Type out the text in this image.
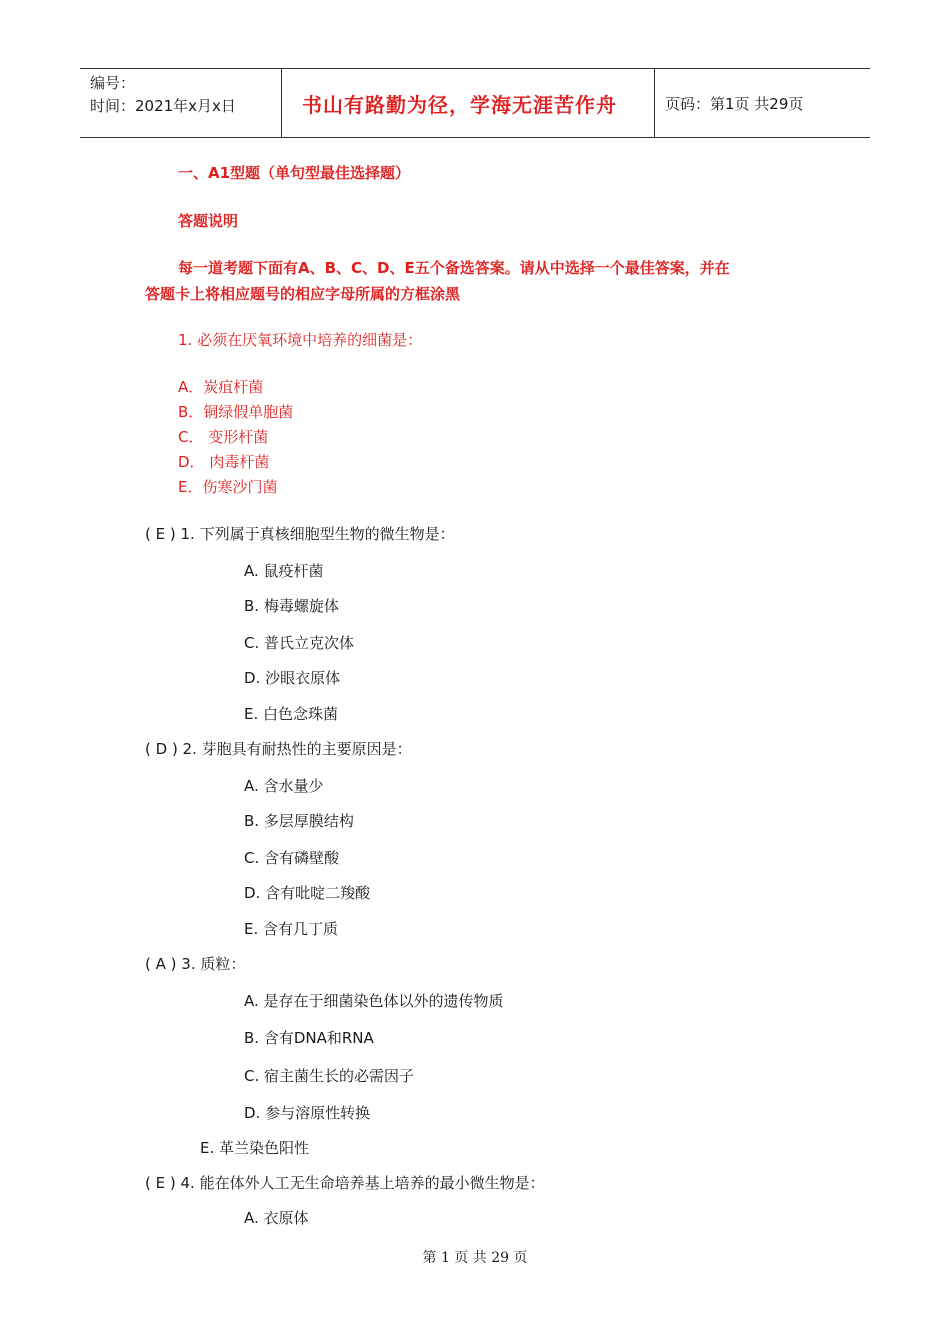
编号：
时间：2021年x月x日	书山有路勤为径，学海无涯苦作舟	页码：第1页 共29页
一、A1型题（单句型最佳选择题）
答题说明
每一道考题下面有A、B、C、D、E五个备选答案。请从中选择一个最佳答案，并在
答题卡上将相应题号的相应字母所属的方框涂黑
1. 必须在厌氧环境中培养的细菌是：
A．炭疽杆菌
B．铜绿假单胞菌
C． 变形杆菌
D． 肉毒杆菌
E．伤寒沙门菌
( E ) 1. 下列属于真核细胞型生物的微生物是：
A. 鼠疫杆菌
B. 梅毒螺旋体
C. 普氏立克次体
D. 沙眼衣原体
E. 白色念珠菌
( D ) 2. 芽胞具有耐热性的主要原因是：
A. 含水量少
B. 多层厚膜结构
C. 含有磷壁酸
D. 含有吡啶二羧酸
E. 含有几丁质
( A ) 3. 质粒：
A. 是存在于细菌染色体以外的遗传物质
B. 含有DNA和RNA
C. 宿主菌生长的必需因子
D. 参与溶原性转换
E. 革兰染色阳性
( E ) 4. 能在体外人工无生命培养基上培养的最小微生物是：
A. 衣原体
第 1 页 共 29 页
